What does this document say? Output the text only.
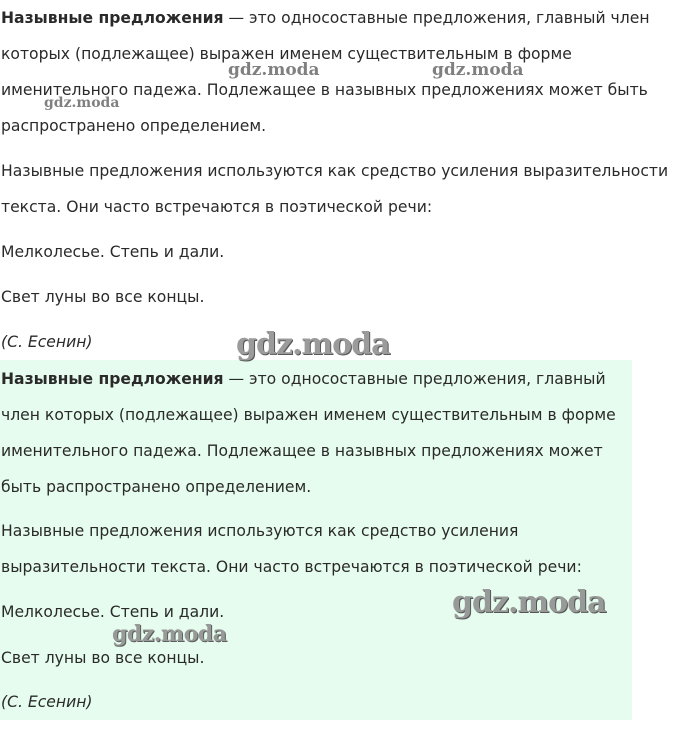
Назывные предложения — это односоставные предложения, главный член которых (подлежащее) выражен именем существительным в форме именительного падежа. Подлежащее в назывных предложениях может быть распространено определением.

Назывные предложения используются как средство усиления выразительности текста. Они часто встречаются в поэтической речи:

Мелколесье. Степь и дали.

Свет луны во все концы.

(С. Есенин)

Назывные предложения — это односоставные предложения, главный член которых (подлежащее) выражен именем существительным в форме именительного падежа. Подлежащее в назывных предложениях может быть распространено определением.

Назывные предложения используются как средство усиления выразительности текста. Они часто встречаются в поэтической речи:

Мелколесье. Степь и дали.

Свет луны во все концы.

(С. Есенин)

gdz.moda	gdz.moda
gdz.moda
gdz.moda
gdz.moda
gdz.moda
